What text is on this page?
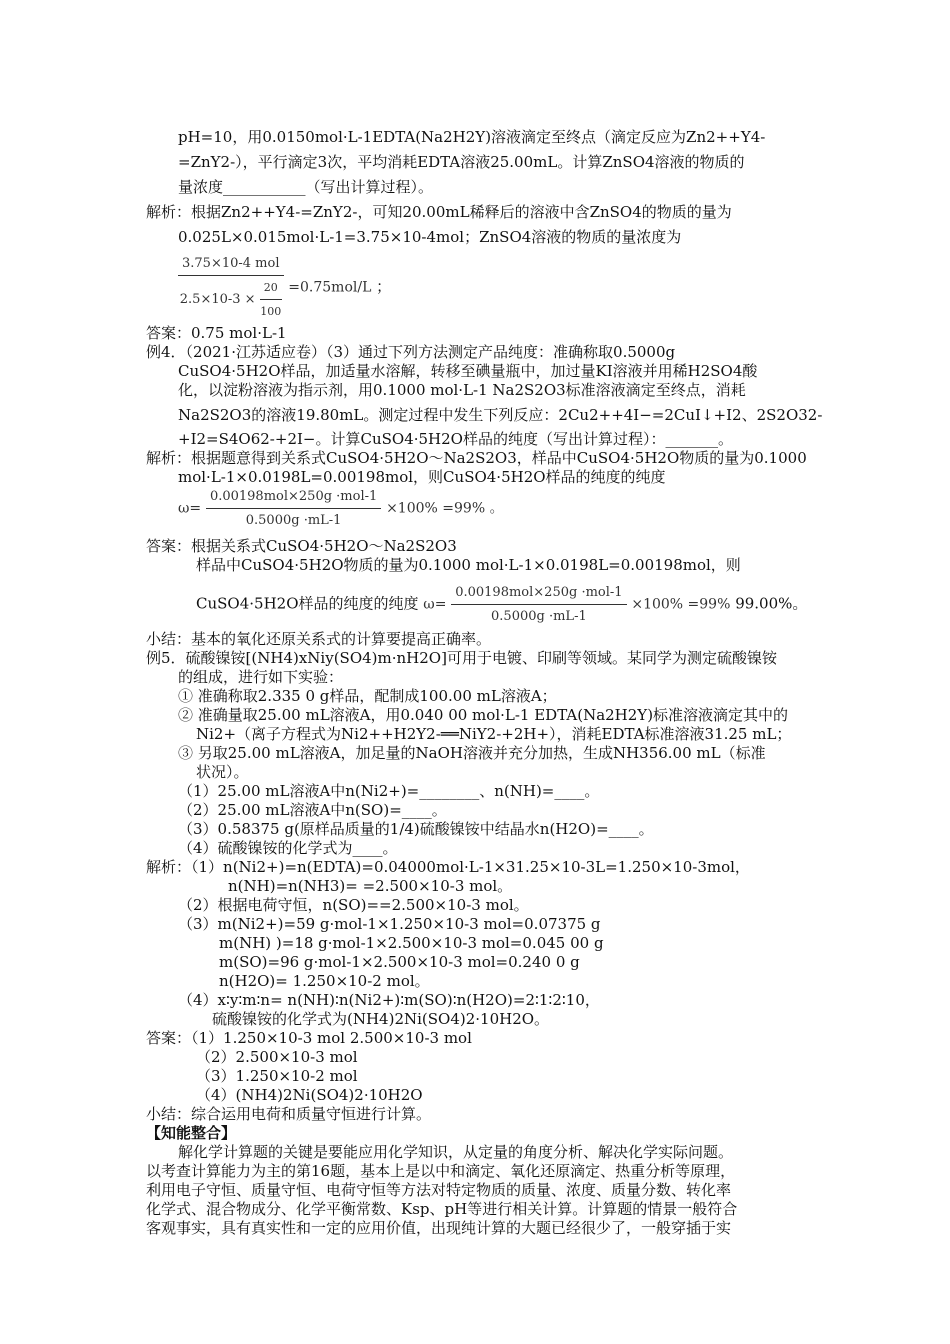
pH=10，用0.0150mol·L-1EDTA(Na2H2Y)溶液滴定至终点（滴定反应为Zn2++Y4-
=ZnY2-），平行滴定3次，平均消耗EDTA溶液25.00mL。计算ZnSO4溶液的物质的
量浓度___________（写出计算过程）。
解析：根据Zn2++Y4-=ZnY2-，可知20.00mL稀释后的溶液中含ZnSO4的物质的量为
0.025L×0.015mol·L-1=3.75×10-4mol；ZnSO4溶液的物质的量浓度为
$\frac{\text{3.75×10-4 mol}}{2.5\times 10-3 \times \frac{20}{100}} =0.75mol/L$ ；
答案：0.75 mol·L-1
例4．（2021·江苏适应卷）（3）通过下列方法测定产品纯度：准确称取0.5000g
CuSO4·5H2O样品，加适量水溶解，转移至碘量瓶中，加过量KI溶液并用稀H2SO4酸
化，以淀粉溶液为指示剂，用0.1000 mol·L-1 Na2S2O3标准溶液滴定至终点，消耗
Na2S2O3的溶液19.80mL。测定过程中发生下列反应：2Cu2++4I−=2CuI↓+I2、2S2O32-
+I2=S4O62-+2I−。计算CuSO4·5H2O样品的纯度（写出计算过程）：_______。
解析：根据题意得到关系式CuSO4·5H2O～Na2S2O3，样品中CuSO4·5H2O物质的量为0.1000
mol·L-1×0.0198L=0.00198mol，则CuSO4·5H2O样品的纯度的纯度
$\omega= \frac{\text{0.00198mol×250g ·mol-1}}{0.5000g \cdot mL-1} \times 100\% =99\%$ 。
答案：根据关系式CuSO4·5H2O～Na2S2O3
样品中CuSO4·5H2O物质的量为0.1000 mol·L-1×0.0198L=0.00198mol，则
CuSO4·5H2O样品的纯度的纯度 $\omega= \frac{\text{0.00198mol×250g ·mol-1}}{0.5000g \cdot mL-1} \times 100\% =99\%$ 99.00%。
小结：基本的氧化还原关系式的计算要提高正确率。
例5．硫酸镍铵[(NH4)xNiy(SO4)m·nH2O]可用于电镀、印刷等领域。某同学为测定硫酸镍铵
的组成，进行如下实验：
① 准确称取2.335 0 g样品，配制成100.00 mL溶液A；
② 准确量取25.00 mL溶液A，用0.040 00 mol·L-1 EDTA(Na2H2Y)标准溶液滴定其中的
Ni2+（离子方程式为Ni2++H2Y2-══NiY2-+2H+），消耗EDTA标准溶液31.25 mL；
③ 另取25.00 mL溶液A，加足量的NaOH溶液并充分加热，生成NH356.00 mL（标准
状况）。
（1）25.00 mL溶液A中n(Ni2+)=________、n(NH)=____。
（2）25.00 mL溶液A中n(SO)=____。
（3）0.58375 g(原样品质量的1/4)硫酸镍铵中结晶水n(H2O)=____。
（4）硫酸镍铵的化学式为____。
解析：（1）n(Ni2+)=n(EDTA)=0.04000mol·L-1×31.25×10-3L=1.250×10-3mol，
n(NH)=n(NH3)= =2.500×10-3 mol。
（2）根据电荷守恒，n(SO)==2.500×10-3 mol。
（3）m(Ni2+)=59 g·mol-1×1.250×10-3 mol=0.07375 g
m(NH) )=18 g·mol-1×2.500×10-3 mol=0.045 00 g
m(SO)=96 g·mol-1×2.500×10-3 mol=0.240 0 g
n(H2O)= 1.250×10-2 mol。
（4）x∶y∶m∶n= n(NH)∶n(Ni2+)∶m(SO)∶n(H2O)=2∶1∶2∶10，
硫酸镍铵的化学式为(NH4)2Ni(SO4)2·10H2O。
答案：（1）1.250×10-3 mol 2.500×10-3 mol
（2）2.500×10-3 mol
（3）1.250×10-2 mol
（4）(NH4)2Ni(SO4)2·10H2O
小结：综合运用电荷和质量守恒进行计算。
【知能整合】
解化学计算题的关键是要能应用化学知识，从定量的角度分析、解决化学实际问题。
以考查计算能力为主的第16题，基本上是以中和滴定、氧化还原滴定、热重分析等原理，
利用电子守恒、质量守恒、电荷守恒等方法对特定物质的质量、浓度、质量分数、转化率
化学式、混合物成分、化学平衡常数、Ksp、pH等进行相关计算。计算题的情景一般符合
客观事实，具有真实性和一定的应用价值，出现纯计算的大题已经很少了，一般穿插于实
